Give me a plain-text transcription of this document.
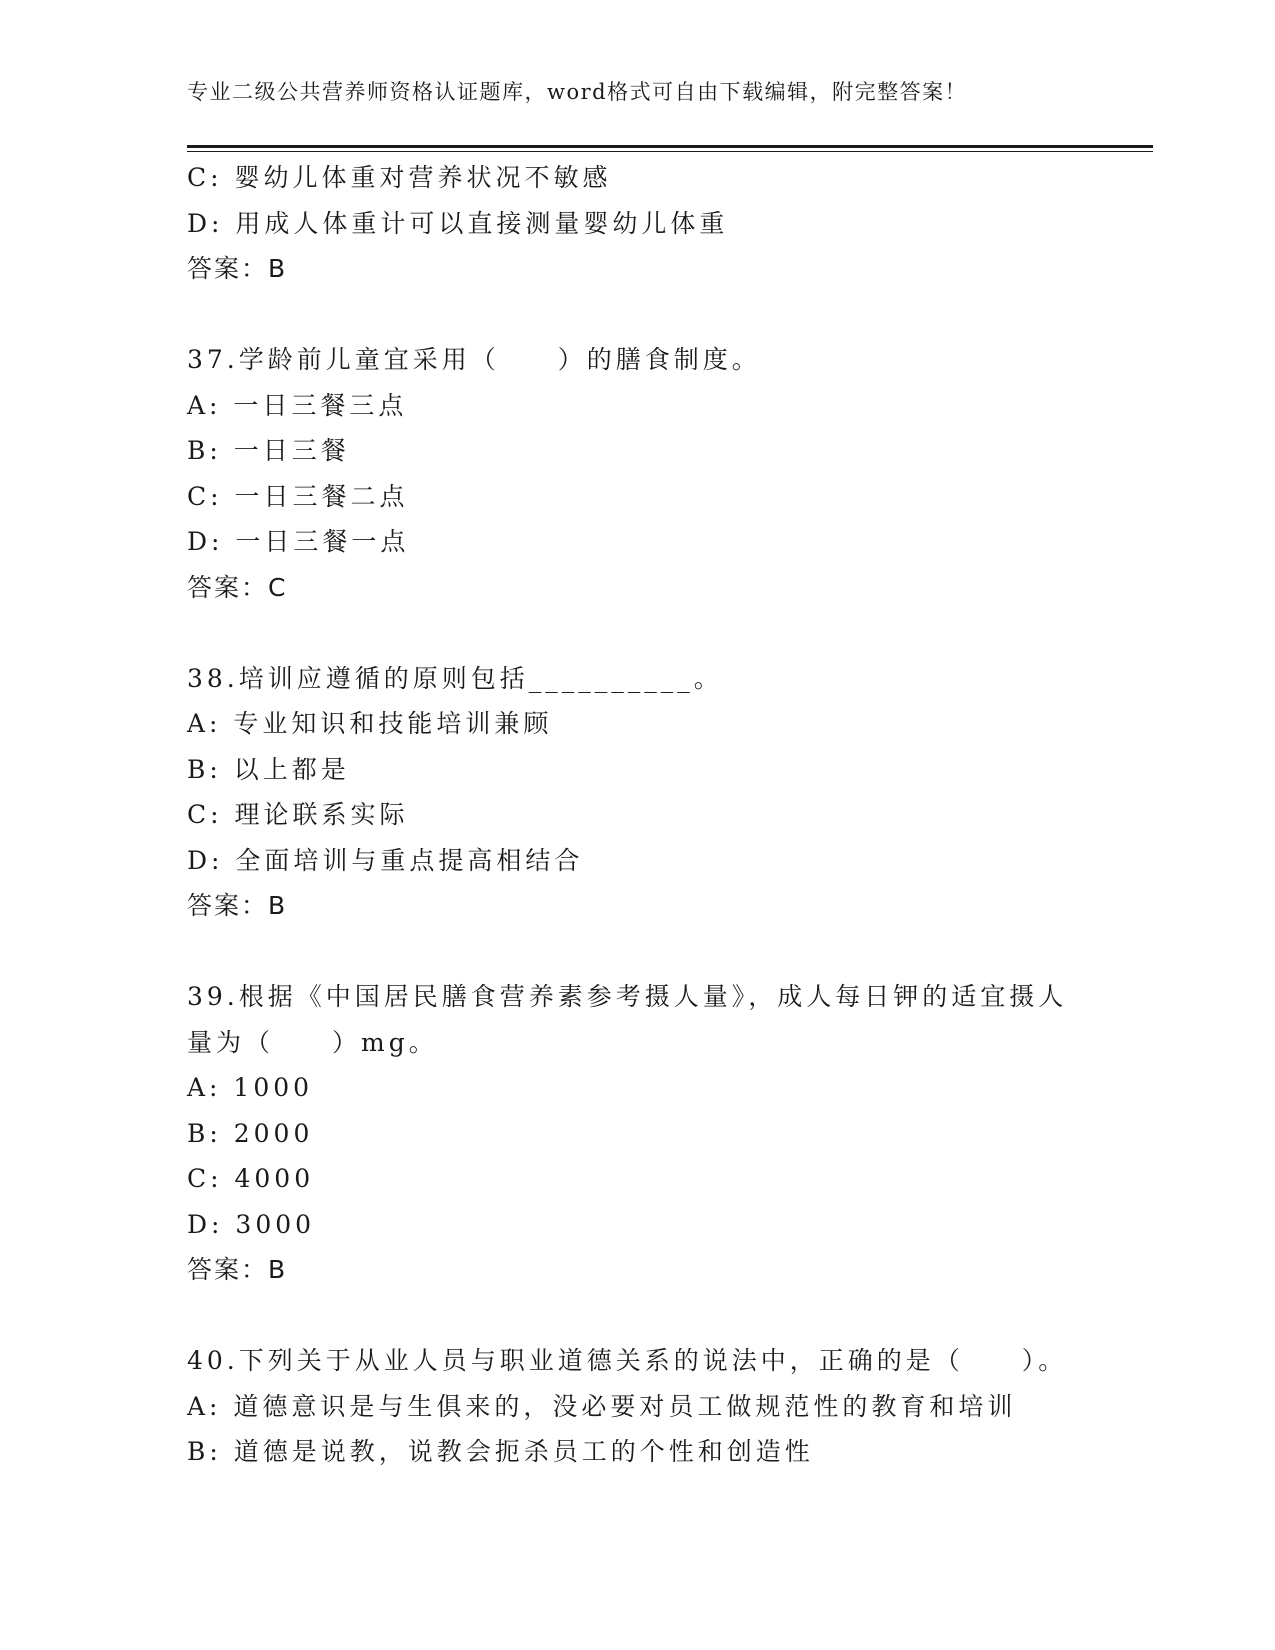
专业二级公共营养师资格认证题库，word格式可自由下载编辑，附完整答案！
C: 婴幼儿体重对营养状况不敏感
D: 用成人体重计可以直接测量婴幼儿体重
答案：B
37.学龄前儿童宜采用（　　）的膳食制度。
A: 一日三餐三点
B: 一日三餐
C: 一日三餐二点
D: 一日三餐一点
答案：C
38.培训应遵循的原则包括__________。
A: 专业知识和技能培训兼顾
B: 以上都是
C: 理论联系实际
D: 全面培训与重点提高相结合
答案：B
39.根据《中国居民膳食营养素参考摄人量》，成人每日钾的适宜摄人
量为（　　）mg。
A: 1000
B: 2000
C: 4000
D: 3000
答案：B
40.下列关于从业人员与职业道德关系的说法中，正确的是（　　）。
A: 道德意识是与生俱来的，没必要对员工做规范性的教育和培训
B: 道德是说教，说教会扼杀员工的个性和创造性
